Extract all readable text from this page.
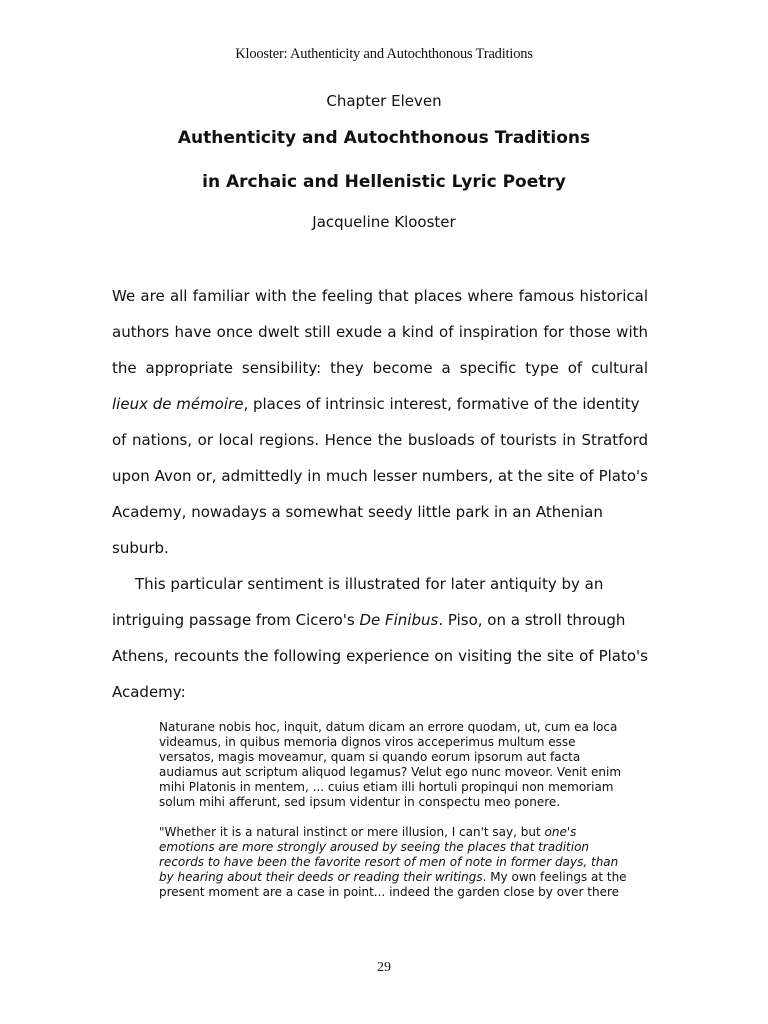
Klooster: Authenticity and Autochthonous Traditions
Chapter Eleven
Authenticity and Autochthonous Traditions
in Archaic and Hellenistic Lyric Poetry
Jacqueline Klooster
We are all familiar with the feeling that places where famous historical
authors have once dwelt still exude a kind of inspiration for those with
the appropriate sensibility: they become a specific type of cultural
lieux de mémoire, places of intrinsic interest, formative of the identity
of nations, or local regions. Hence the busloads of tourists in Stratford
upon Avon or, admittedly in much lesser numbers, at the site of Plato's
Academy, nowadays a somewhat seedy little park in an Athenian
suburb.
This particular sentiment is illustrated for later antiquity by an
intriguing passage from Cicero's De Finibus. Piso, on a stroll through
Athens, recounts the following experience on visiting the site of Plato's
Academy:
Naturane nobis hoc, inquit, datum dicam an errore quodam, ut, cum ea loca
videamus, in quibus memoria dignos viros acceperimus multum esse
versatos, magis moveamur, quam si quando eorum ipsorum aut facta
audiamus aut scriptum aliquod legamus? Velut ego nunc moveor. Venit enim
mihi Platonis in mentem, ... cuius etiam illi hortuli propinqui non memoriam
solum mihi afferunt, sed ipsum videntur in conspectu meo ponere.
"Whether it is a natural instinct or mere illusion, I can't say, but one's
emotions are more strongly aroused by seeing the places that tradition
records to have been the favorite resort of men of note in former days, than
by hearing about their deeds or reading their writings. My own feelings at the
present moment are a case in point... indeed the garden close by over there
29
